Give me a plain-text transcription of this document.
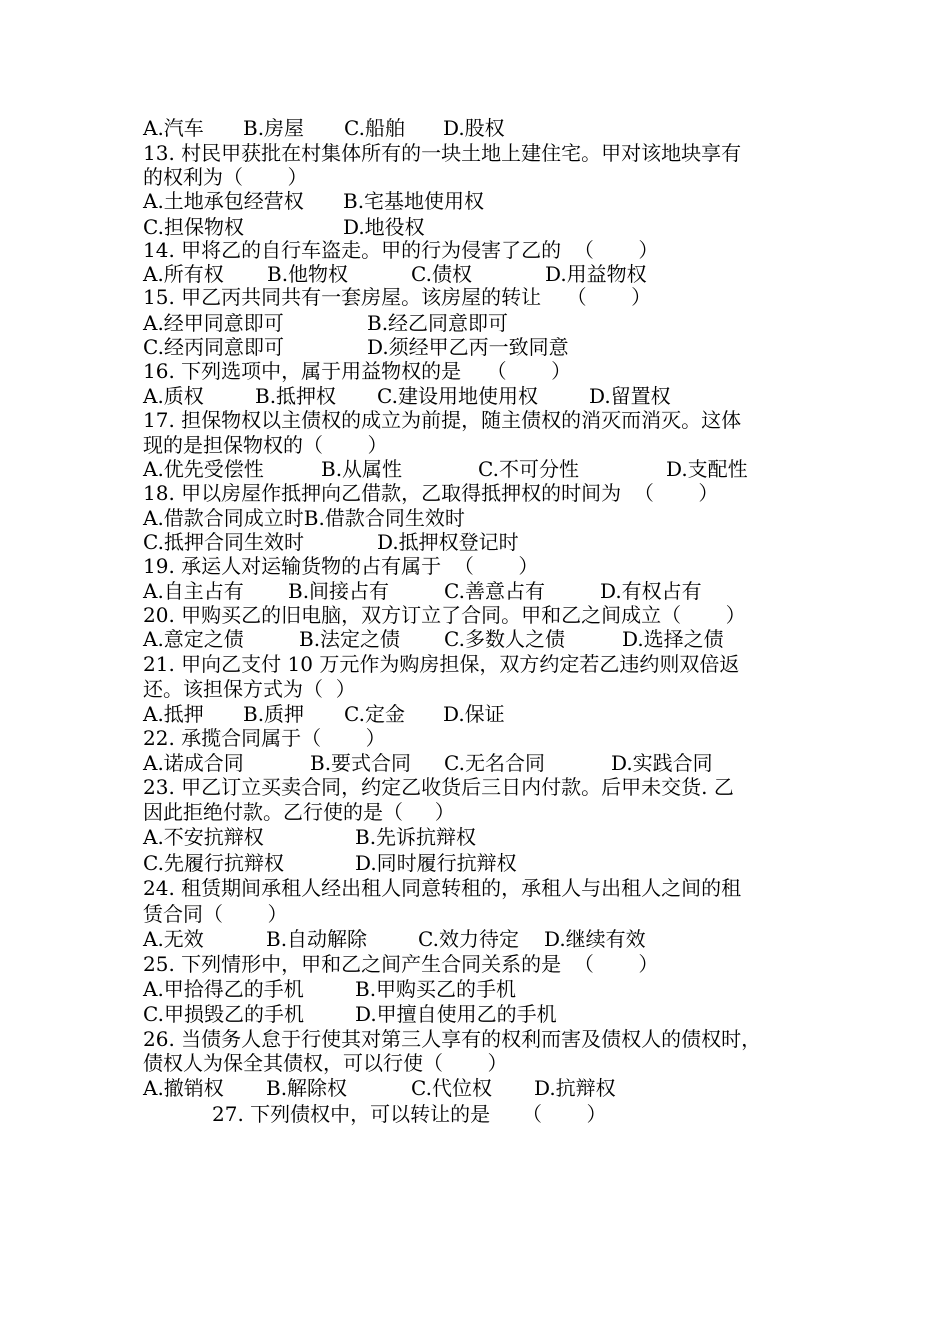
A.汽车 B.房屋 C.船舶 D.股权
13. 村民甲获批在村集体所有的一块土地上建住宅。甲对该地块享有
的权利为（       ）
A.土地承包经营权 B.宅基地使用权
C.担保物权	D.地役权
14. 甲将乙的自行车盗走。甲的行为侵害了乙的  （       ）
A.所有权 B.他物权	C.债权	D.用益物权
15. 甲乙丙共同共有一套房屋。该房屋的转让    （       ）
A.经甲同意即可	B.经乙同意即可
C.经丙同意即可	D.须经甲乙丙一致同意
16. 下列选项中，属于用益物权的是    （       ）
A.质权	B.抵押权 C.建设用地使用权	D.留置权
17. 担保物权以主债权的成立为前提，随主债权的消灭而消灭。这体
现的是担保物权的（       ）
A.优先受偿性	B.从属性	C.不可分性	D.支配性
18. 甲以房屋作抵押向乙借款，乙取得抵押权的时间为  （       ）
A.借款合同成立时B.借款合同生效时
C.抵押合同生效时	D.抵押权登记时
19. 承运人对运输货物的占有属于  （       ）
A.自主占有 B.间接占有	C.善意占有	D.有权占有
20. 甲购买乙的旧电脑，双方订立了合同。甲和乙之间成立（       ）
A.意定之债	B.法定之债 C.多数人之债	D.选择之债
21. 甲向乙支付 10 万元作为购房担保，双方约定若乙违约则双倍返
还。该担保方式为（  ）
A.抵押 B.质押 C.定金 D.保证
22. 承揽合同属于（       ）
A.诺成合同	B.要式合同 C.无名合同	D.实践合同
23. 甲乙订立买卖合同，约定乙收货后三日内付款。后甲未交货. 乙
因此拒绝付款。乙行使的是（     ）
A.不安抗辩权	B.先诉抗辩权
C.先履行抗辩权	D.同时履行抗辩权
24. 租赁期间承租人经出租人同意转租的，承租人与出租人之间的租
赁合同（       ）
A.无效	B.自动解除	C.效力待定 D.继续有效
25. 下列情形中，甲和乙之间产生合同关系的是  （       ）
A.甲拾得乙的手机	B.甲购买乙的手机
C.甲损毁乙的手机	D.甲擅自使用乙的手机
26. 当债务人怠于行使其对第三人享有的权利而害及债权人的债权时，
债权人为保全其债权，可以行使（       ）
A.撤销权 B.解除权	C.代位权 D.抗辩权
27. 下列债权中，可以转让的是     （       ）
